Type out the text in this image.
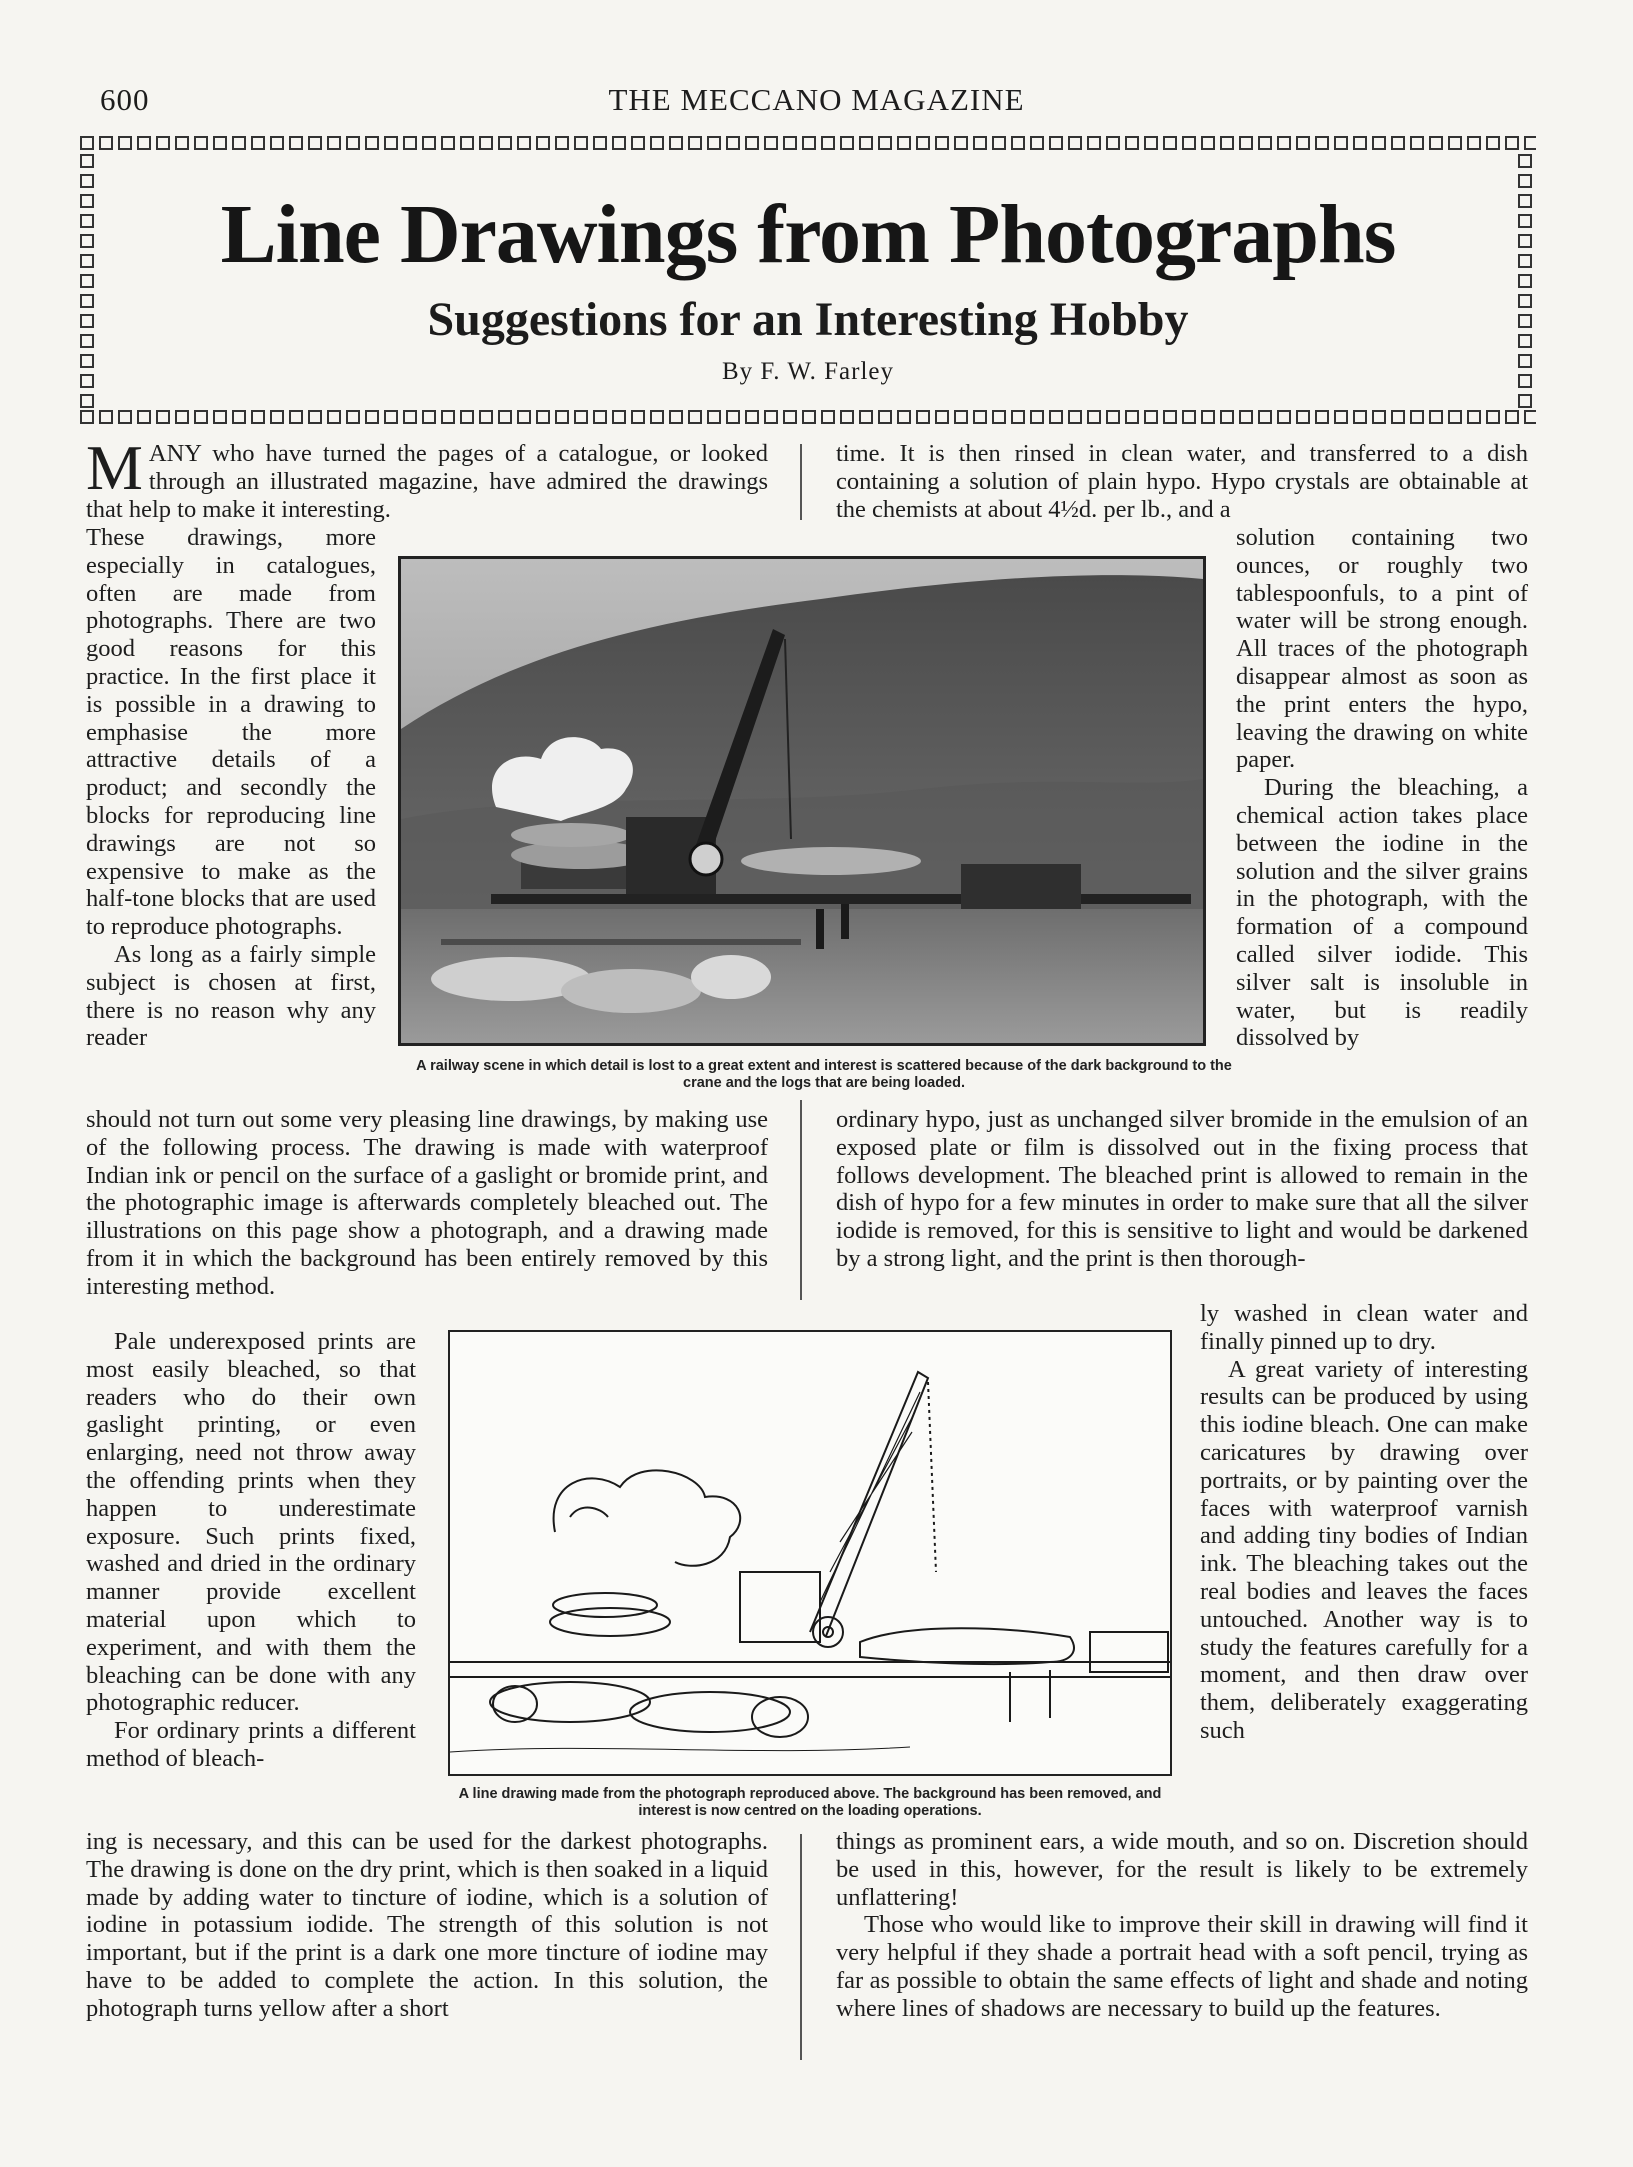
600	THE MECCANO MAGAZINE
Line Drawings from Photographs
Suggestions for an Interesting Hobby
By F. W. Farley

MANY who have turned the pages of a catalogue, or looked through an illustrated magazine, have admired the drawings that help to make it interesting.

These drawings, more especially in catalogues, often are made from photographs. There are two good reasons for this practice. In the first place it is possible in a drawing to emphasise the more attractive details of a product; and secondly the blocks for reproducing line drawings are not so expensive to make as the half-tone blocks that are used to reproduce photographs.

As long as a fairly simple subject is chosen at first, there is no reason why any reader

should not turn out some very pleasing line drawings, by making use of the following process. The drawing is made with waterproof Indian ink or pencil on the surface of a gaslight or bromide print, and the photographic image is afterwards completely bleached out. The illustrations on this page show a photograph, and a drawing made from it in which the background has been entirely removed by this interesting method.

Pale underexposed prints are most easily bleached, so that readers who do their own gaslight printing, or even enlarging, need not throw away the offending prints when they happen to underestimate exposure. Such prints fixed, washed and dried in the ordinary manner provide excellent material upon which to experiment, and with them the bleaching can be done with any photographic reducer.

For ordinary prints a different method of bleach-

ing is necessary, and this can be used for the darkest photographs. The drawing is done on the dry print, which is then soaked in a liquid made by adding water to tincture of iodine, which is a solution of iodine in potassium iodide. The strength of this solution is not important, but if the print is a dark one more tincture of iodine may have to be added to complete the action. In this solution, the photograph turns yellow after a short

time. It is then rinsed in clean water, and transferred to a dish containing a solution of plain hypo. Hypo crystals are obtainable at the chemists at about 4½d. per lb., and a

solution containing two ounces, or roughly two tablespoonfuls, to a pint of water will be strong enough. All traces of the photograph disappear almost as soon as the print enters the hypo, leaving the drawing on white paper.

During the bleaching, a chemical action takes place between the iodine in the solution and the silver grains in the photograph, with the formation of a compound called silver iodide. This silver salt is insoluble in water, but is readily dissolved by

ordinary hypo, just as unchanged silver bromide in the emulsion of an exposed plate or film is dissolved out in the fixing process that follows development. The bleached print is allowed to remain in the dish of hypo for a few minutes in order to make sure that all the silver iodide is removed, for this is sensitive to light and would be darkened by a strong light, and the print is then thorough-

ly washed in clean water and finally pinned up to dry.

A great variety of interesting results can be produced by using this iodine bleach. One can make caricatures by drawing over portraits, or by painting over the faces with waterproof varnish and adding tiny bodies of Indian ink. The bleaching takes out the real bodies and leaves the faces untouched. Another way is to study the features carefully for a moment, and then draw over them, deliberately exaggerating such

things as prominent ears, a wide mouth, and so on. Discretion should be used in this, however, for the result is likely to be extremely unflattering!

Those who would like to improve their skill in drawing will find it very helpful if they shade a portrait head with a soft pencil, trying as far as possible to obtain the same effects of light and shade and noting where lines of shadows are necessary to build up the features.

A railway scene in which detail is lost to a great extent and interest is scattered because of the dark background to the crane and the logs that are being loaded.
A line drawing made from the photograph reproduced above. The background has been removed, and interest is now centred on the loading operations.
